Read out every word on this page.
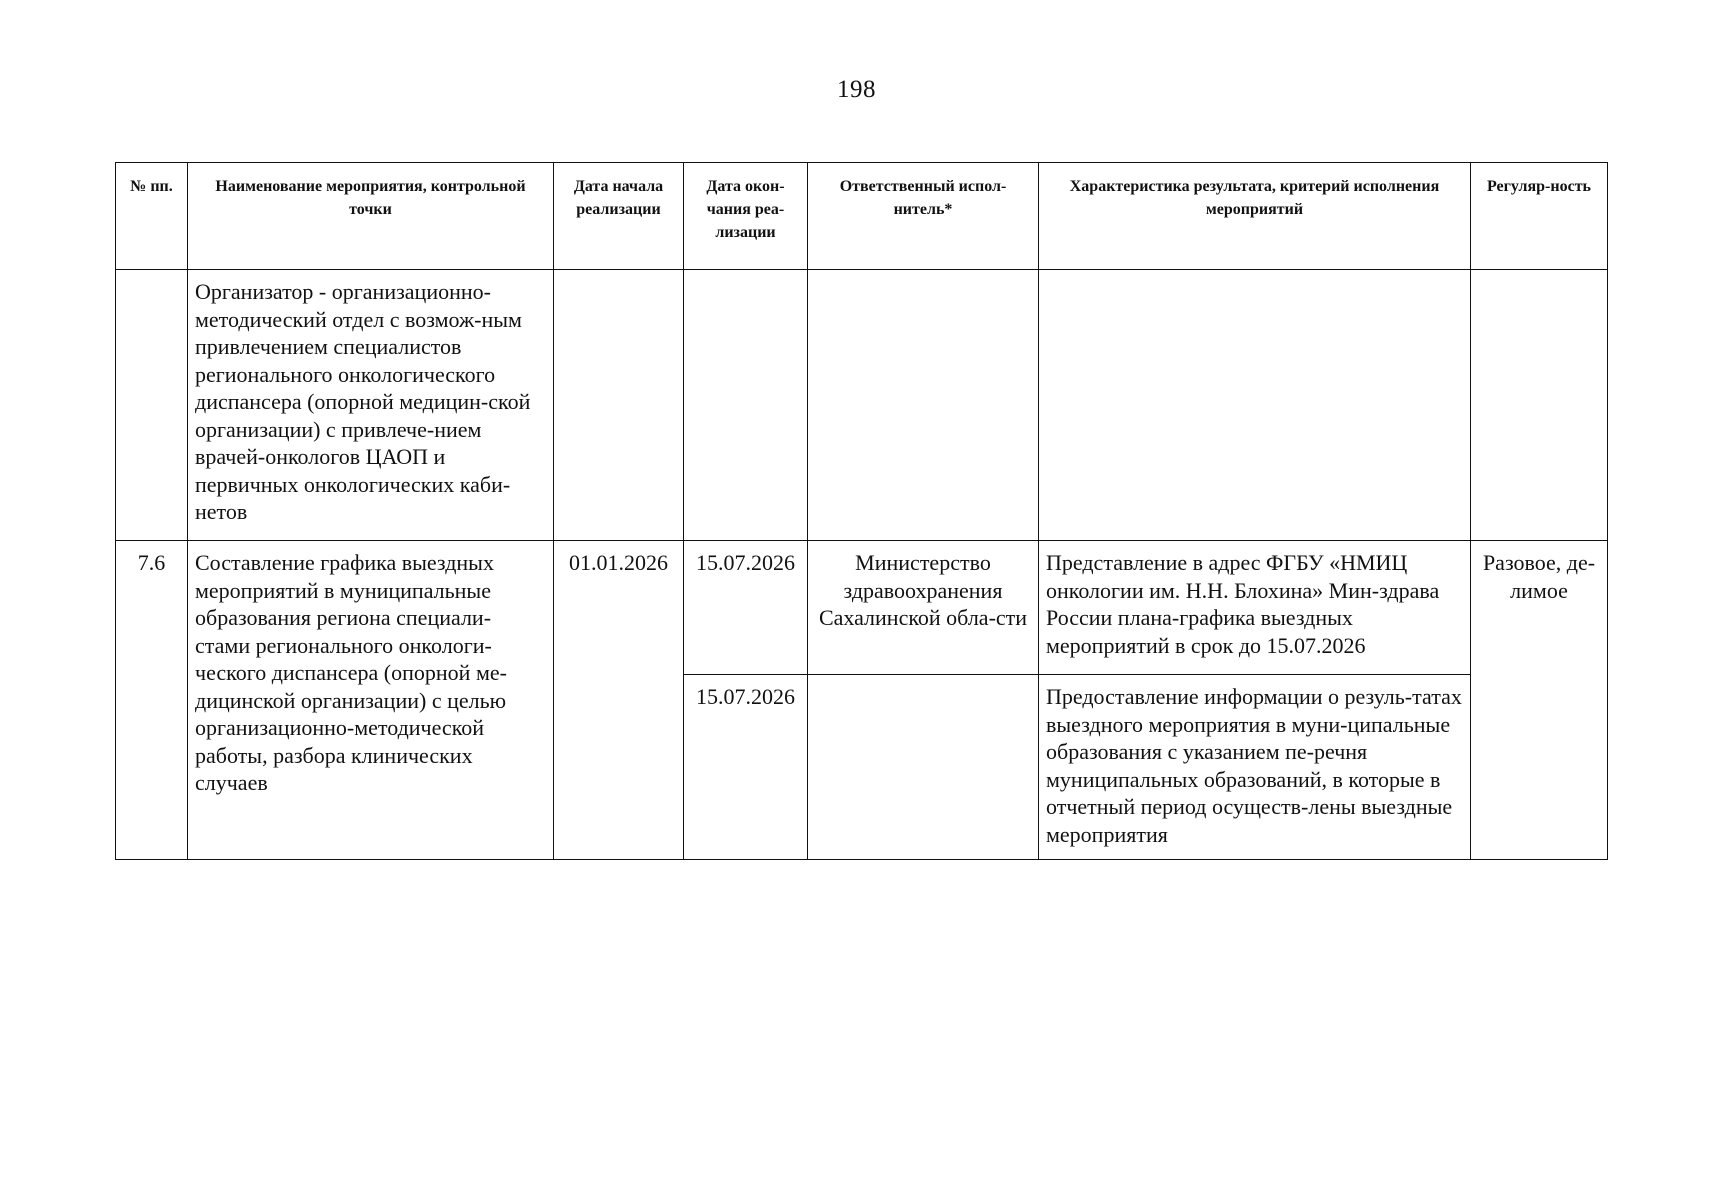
198
№ пп.	Наименование мероприятия, контрольной точки	Дата начала реализации	Дата окон-чания реа-лизации	Ответственный испол-нитель*	Характеристика результата, критерий исполнения мероприятий	Регуляр-ность
	Организатор - организационно-методический отдел с возмож-ным привлечением специалистов регионального онкологического диспансера (опорной медицин-ской организации) с привлече-нием врачей-онкологов ЦАОП и первичных онкологических каби-нетов					
7.6	Составление графика выездных мероприятий в муниципальные образования региона специали-стами регионального онкологи-ческого диспансера (опорной ме-дицинской организации) с целью организационно-методической работы, разбора клинических случаев	01.01.2026	15.07.2026	Министерство здравоохранения Сахалинской обла-сти	Представление в адрес ФГБУ «НМИЦ онкологии им. Н.Н. Блохина» Мин-здрава России плана-графика выездных мероприятий в срок до 15.07.2026	Разовое, де-лимое
			15.07.2026		Предоставление информации о резуль-татах выездного мероприятия в муни-ципальные образования с указанием пе-речня муниципальных образований, в которые в отчетный период осуществ-лены выездные мероприятия	
